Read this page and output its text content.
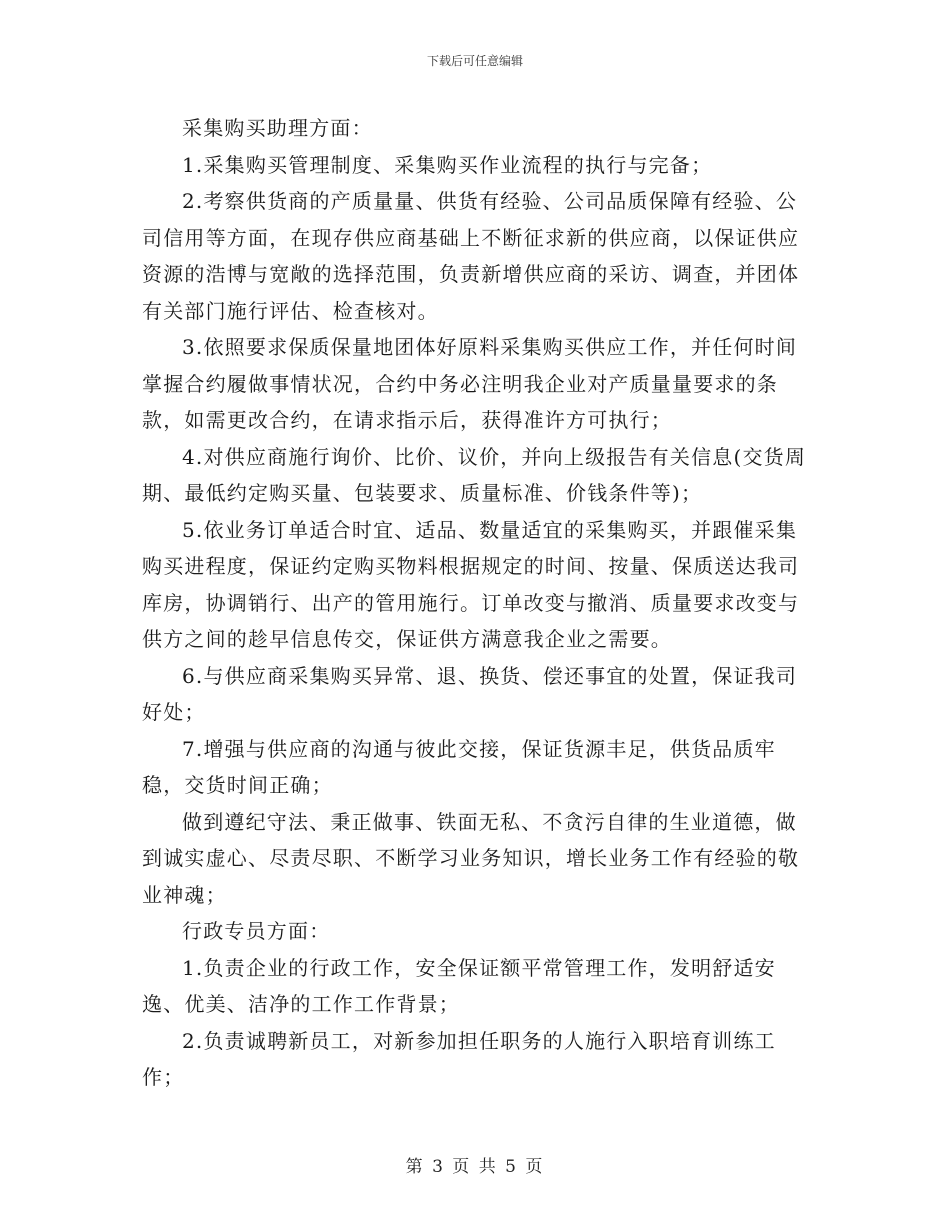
下载后可任意编辑

采集购买助理方面：

1.采集购买管理制度、采集购买作业流程的执行与完备；

2.考察供货商的产质量量、供货有经验、公司品质保障有经验、公司信用等方面，在现存供应商基础上不断征求新的供应商，以保证供应资源的浩博与宽敞的选择范围，负责新增供应商的采访、调查，并团体有关部门施行评估、检查核对。

3.依照要求保质保量地团体好原料采集购买供应工作，并任何时间掌握合约履做事情状况，合约中务必注明我企业对产质量量要求的条款，如需更改合约，在请求指示后，获得准许方可执行；

4.对供应商施行询价、比价、议价，并向上级报告有关信息(交货周期、最低约定购买量、包装要求、质量标准、价钱条件等)；

5.依业务订单适合时宜、适品、数量适宜的采集购买，并跟催采集购买进程度，保证约定购买物料根据规定的时间、按量、保质送达我司库房，协调销行、出产的管用施行。订单改变与撤消、质量要求改变与供方之间的趁早信息传交，保证供方满意我企业之需要。

6.与供应商采集购买异常、退、换货、偿还事宜的处置，保证我司好处；

7.增强与供应商的沟通与彼此交接，保证货源丰足，供货品质牢稳，交货时间正确；

做到遵纪守法、秉正做事、铁面无私、不贪污自律的生业道德，做到诚实虚心、尽责尽职、不断学习业务知识，增长业务工作有经验的敬业神魂；

行政专员方面：

1.负责企业的行政工作，安全保证额平常管理工作，发明舒适安逸、优美、洁净的工作工作背景；

2.负责诚聘新员工，对新参加担任职务的人施行入职培育训练工作；

第 3 页 共 5 页
